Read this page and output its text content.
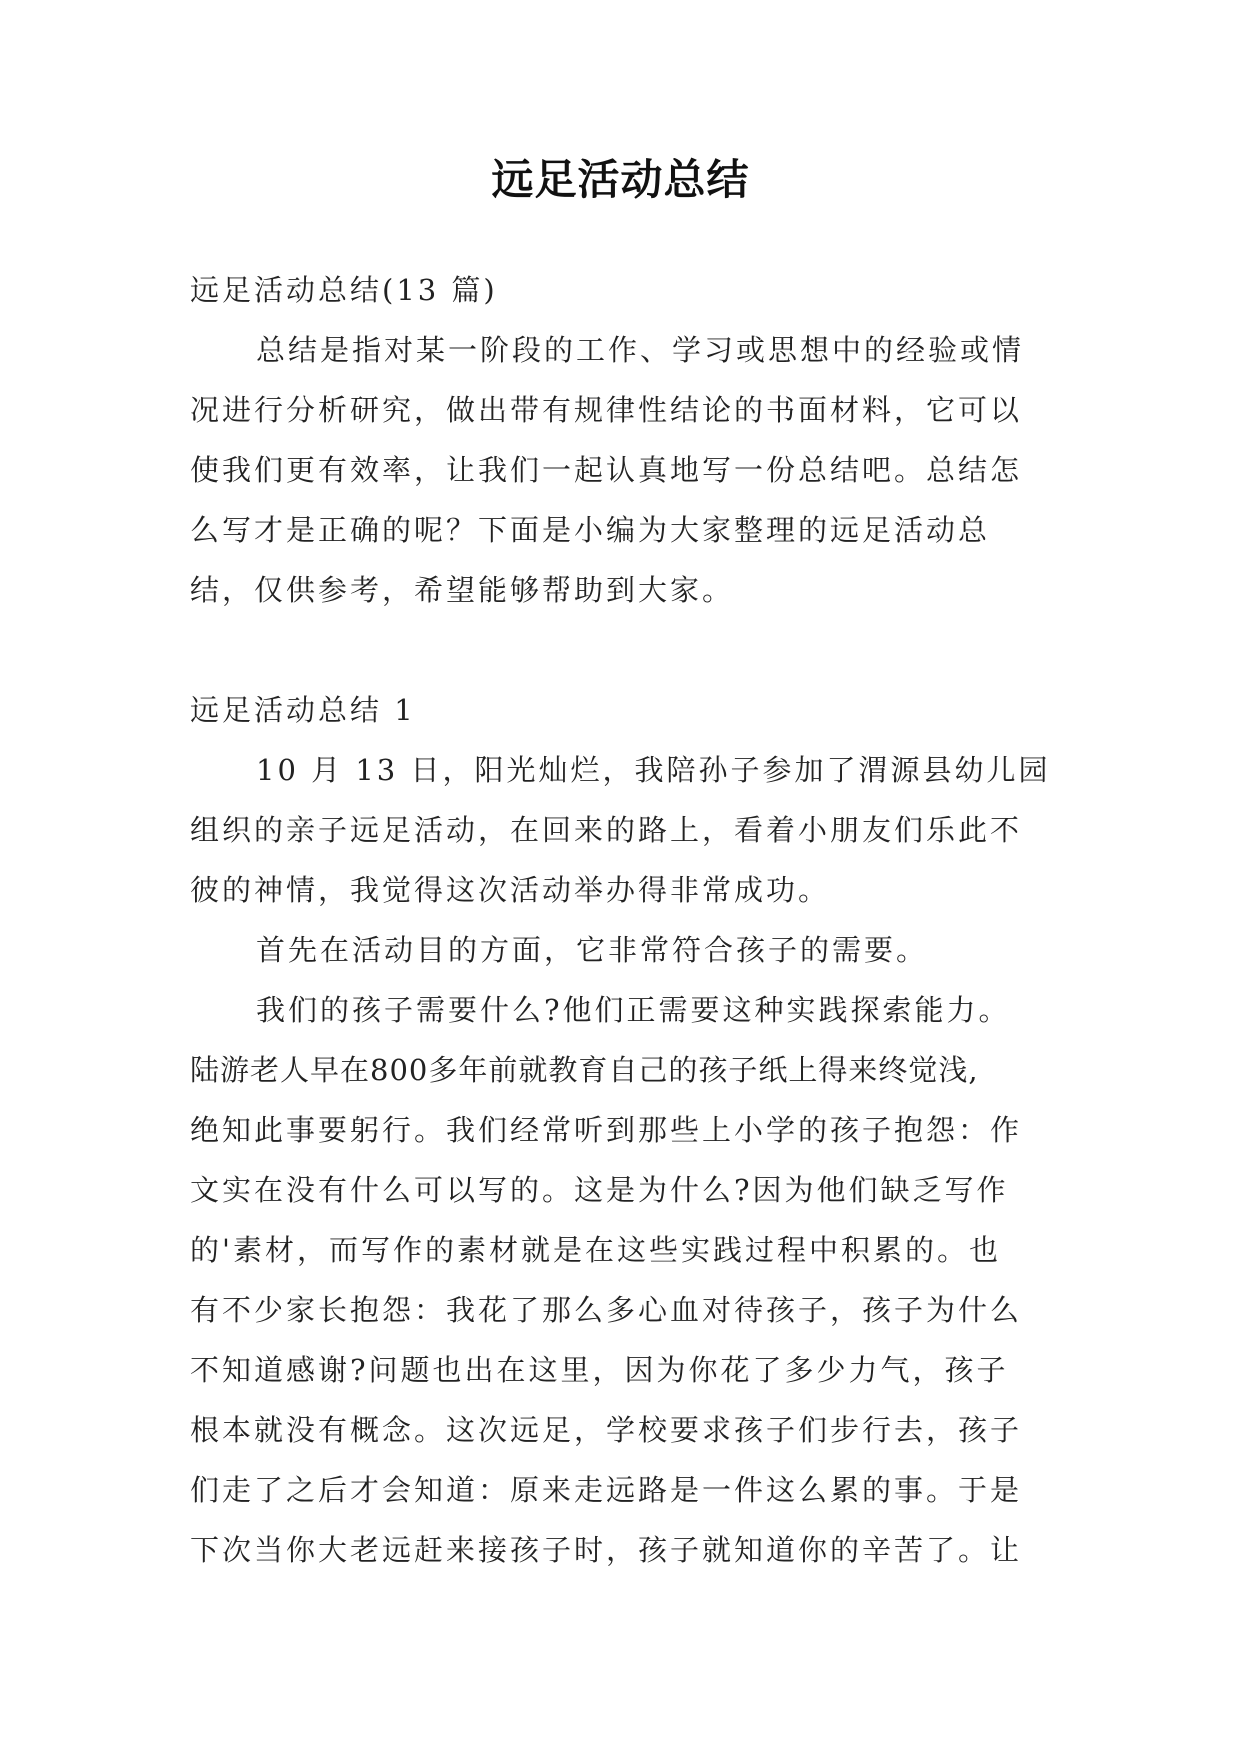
远足活动总结
远足活动总结(13 篇)
总结是指对某一阶段的工作、学习或思想中的经验或情
况进行分析研究，做出带有规律性结论的书面材料，它可以
使我们更有效率，让我们一起认真地写一份总结吧。总结怎
么写才是正确的呢？下面是小编为大家整理的远足活动总
结，仅供参考，希望能够帮助到大家。
远足活动总结 1
10 月 13 日，阳光灿烂，我陪孙子参加了渭源县幼儿园
组织的亲子远足活动，在回来的路上，看着小朋友们乐此不
彼的神情，我觉得这次活动举办得非常成功。
首先在活动目的方面，它非常符合孩子的需要。
我们的孩子需要什么?他们正需要这种实践探索能力。
陆游老人早在800多年前就教育自己的孩子纸上得来终觉浅,
绝知此事要躬行。我们经常听到那些上小学的孩子抱怨：作
文实在没有什么可以写的。这是为什么?因为他们缺乏写作
的'素材，而写作的素材就是在这些实践过程中积累的。也
有不少家长抱怨：我花了那么多心血对待孩子，孩子为什么
不知道感谢?问题也出在这里，因为你花了多少力气，孩子
根本就没有概念。这次远足，学校要求孩子们步行去，孩子
们走了之后才会知道：原来走远路是一件这么累的事。于是
下次当你大老远赶来接孩子时，孩子就知道你的辛苦了。让
